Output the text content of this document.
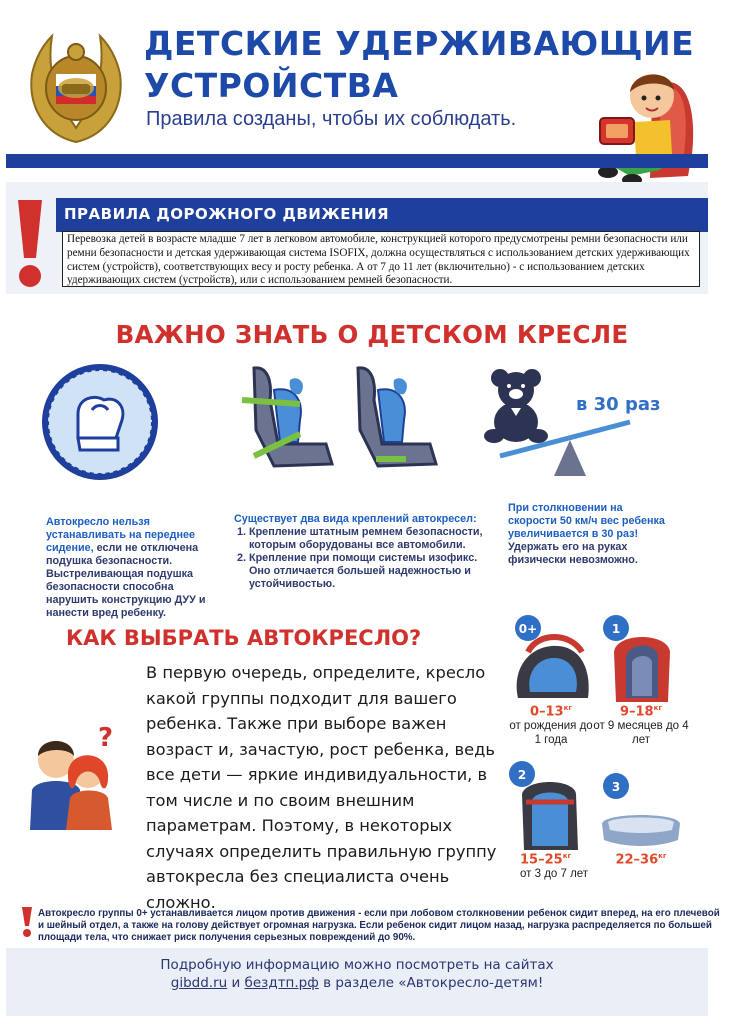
ДЕТСКИЕ УДЕРЖИВАЮЩИЕ
УСТРОЙСТВА
Правила созданы, чтобы их соблюдать.
ПРАВИЛА ДОРОЖНОГО ДВИЖЕНИЯ
Перевозка детей в возрасте младше 7 лет в легковом автомобиле, конструкцией которого предусмотрены ремни безопасности или ремни безопасности и детская удерживающая система ISOFIX, должна осуществляться с использованием детских удерживающих систем (устройств), соответствующих весу и росту ребенка. А от 7 до 11 лет (включительно) - с использованием детских удерживающих систем (устройств), или с использованием ремней безопасности.
ВАЖНО ЗНАТЬ О ДЕТСКОМ КРЕСЛЕ
в 30 раз
Автокресло нельзя устанавливать на переднее сидение, если не отключена подушка безопасности. Выстреливающая подушка безопасности способна нарушить конструкцию ДУУ и нанести вред ребенку.
Существует два вида креплений автокресел:
1. Крепление штатным ремнем безопасности, которым оборудованы все автомобили.
2. Крепление при помощи системы изофикс. Оно отличается большей надежностью и устойчивостью.
При столкновении на скорости 50 км/ч вес ребенка увеличивается в 30 раз!
Удержать его на руках физически невозможно.
КАК ВЫБРАТЬ АВТОКРЕСЛО?
В первую очередь, определите, кресло какой группы подходит для вашего ребенка. Также при выборе важен возраст и, зачастую, рост ребенка, ведь все дети — яркие индивидуальности, в том числе и по своим внешним параметрам. Поэтому, в некоторых случаях определить правильную группу автокресла без специалиста очень сложно.
?
0+	1
2
3
$0-13^{кг}$
от рождения до 1 года
$9-18^{кг}$
от 9 месяцев до 4 лет
$15-25^{кг}$
от 3 до 7 лет
$22-36^{кг}$
Автокресло группы 0+ устанавливается лицом против движения - если при лобовом столкновении ребенок сидит вперед, на его плечевой и шейный отдел, а также на голову действует огромная нагрузка. Если ребенок сидит лицом назад, нагрузка распределяется по большей площади тела, что снижает риск получения серьезных повреждений до 90%.
Подробную информацию можно посмотреть на сайтах
gibdd.ru и бездтп.рф в разделе «Автокресло-детям!
